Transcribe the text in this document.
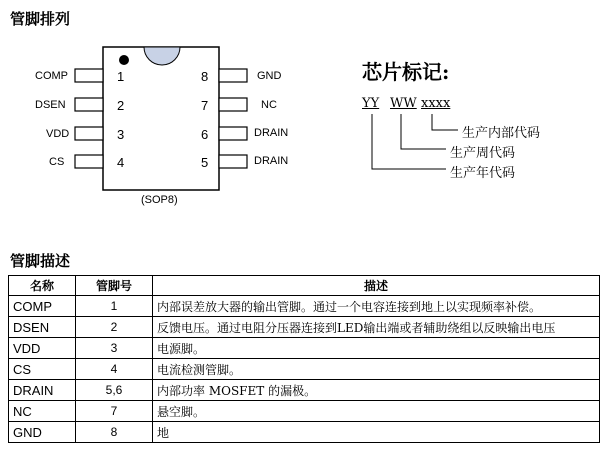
管脚排列
COMP
DSEN
VDD
CS
1
2
3
4
8
7
6
5
GND
NC
DRAIN
DRAIN
(SOP8)
芯片标记:
YY WW xxxx
生产内部代码
生产周代码
生产年代码
管脚描述
名称	管脚号	描述
COMP	1	内部误差放大器的输出管脚。通过一个电容连接到地上以实现频率补偿。
DSEN	2	反馈电压。通过电阻分压器连接到LED输出端或者辅助绕组以反映输出电压
VDD	3	电源脚。
CS	4	电流检测管脚。
DRAIN	5,6	内部功率 MOSFET 的漏极。
NC	7	悬空脚。
GND	8	地
